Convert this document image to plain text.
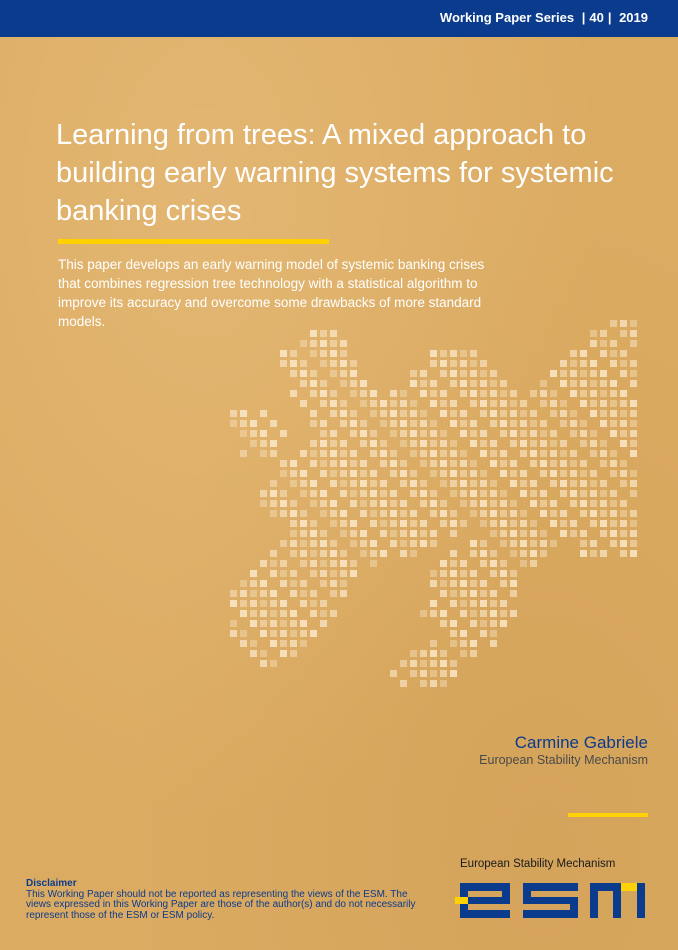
Working Paper Series | 40 | 2019
Learning from trees: A mixed approach to building early warning systems for systemic banking crises

This paper develops an early warning model of systemic banking crises that combines regression tree technology with a statistical algorithm to improve its accuracy and overcome some drawbacks of more standard models.

Carmine Gabriele
European Stability Mechanism
Disclaimer
This Working Paper should not be reported as representing the views of the ESM. The views expressed in this Working Paper are those of the author(s) and do not necessarily represent those of the ESM or ESM policy.
European Stability Mechanism
